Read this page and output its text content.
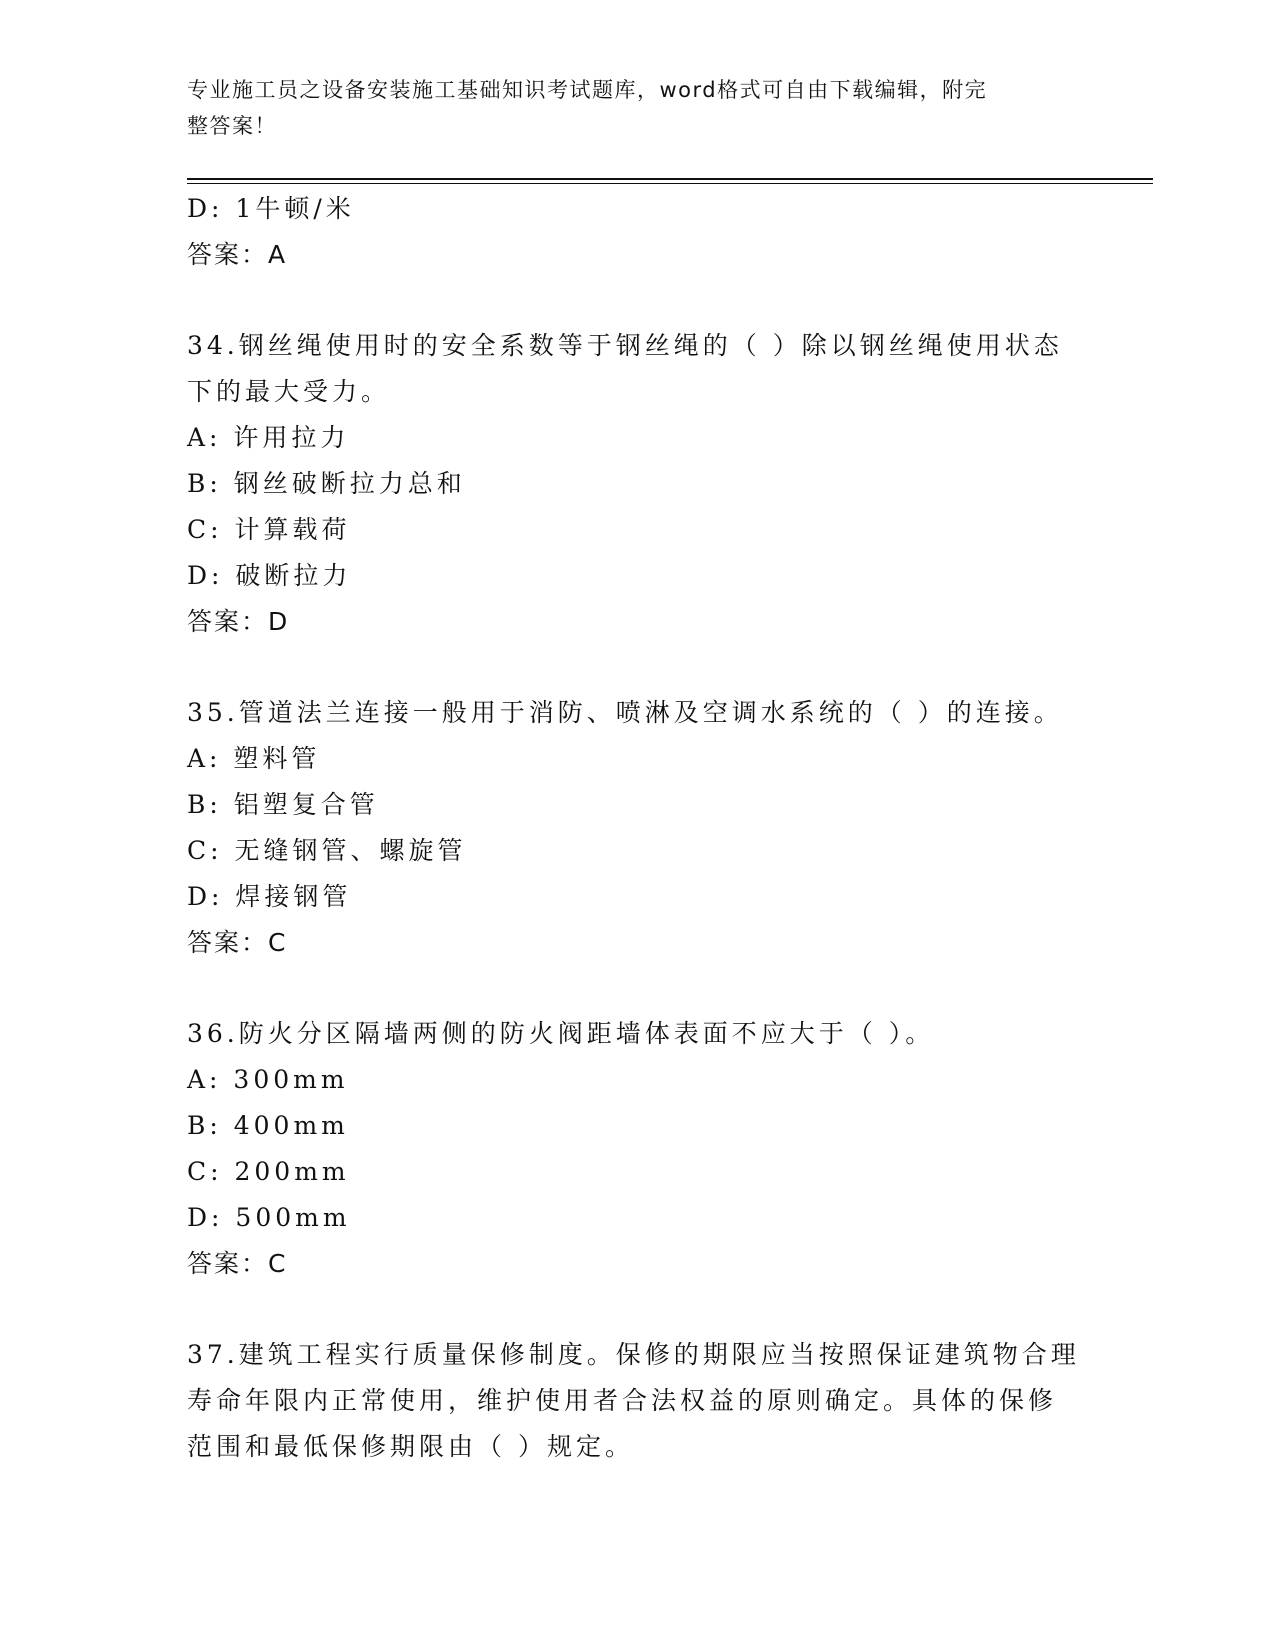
专业施工员之设备安装施工基础知识考试题库，word格式可自由下载编辑，附完
整答案！
D: 1牛顿/米
答案：A
34.钢丝绳使用时的安全系数等于钢丝绳的（ ）除以钢丝绳使用状态
下的最大受力。
A: 许用拉力
B: 钢丝破断拉力总和
C: 计算载荷
D: 破断拉力
答案：D
35.管道法兰连接一般用于消防、喷淋及空调水系统的（ ）的连接。
A: 塑料管
B: 铝塑复合管
C: 无缝钢管、螺旋管
D: 焊接钢管
答案：C
36.防火分区隔墙两侧的防火阀距墙体表面不应大于（ ）。
A: 300mm
B: 400mm
C: 200mm
D: 500mm
答案：C
37.建筑工程实行质量保修制度。保修的期限应当按照保证建筑物合理
寿命年限内正常使用，维护使用者合法权益的原则确定。具体的保修
范围和最低保修期限由（ ）规定。
